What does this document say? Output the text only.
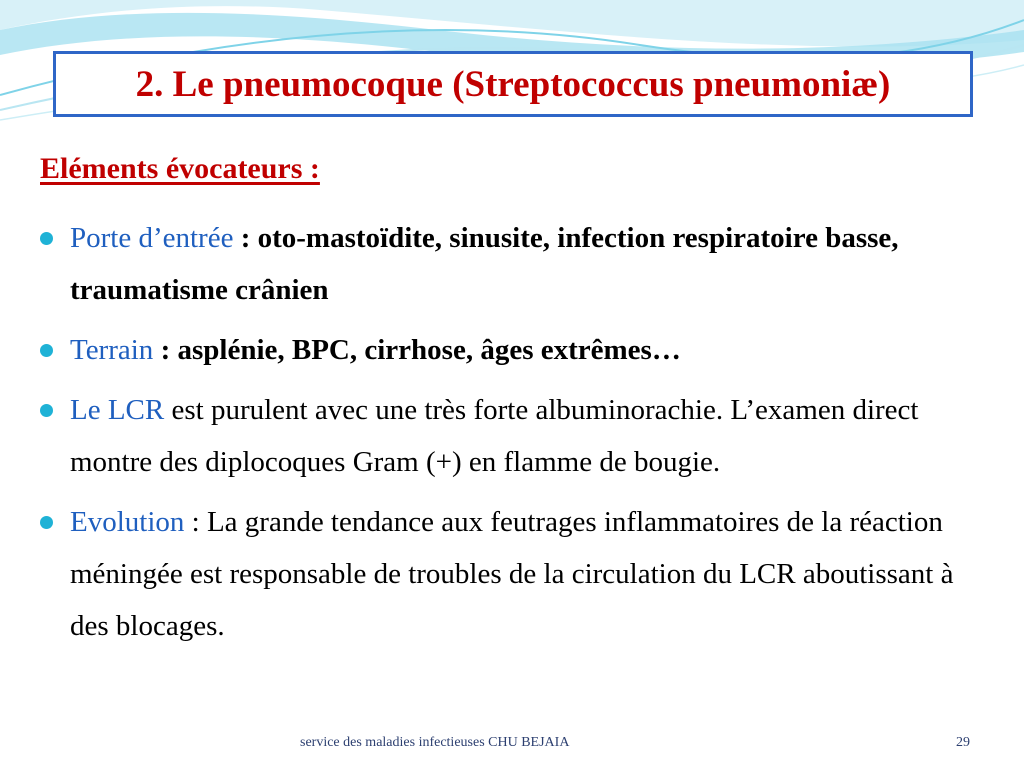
2. Le pneumocoque (Streptococcus pneumoniæ)
Eléments évocateurs :
Porte d’entrée : oto-mastoïdite, sinusite, infection respiratoire basse, traumatisme crânien
Terrain : asplénie, BPC, cirrhose, âges extrêmes…
Le LCR est purulent avec une très forte albuminorachie. L’examen direct montre des diplocoques Gram (+) en flamme de bougie.
Evolution : La grande tendance aux feutrages inflammatoires de la réaction méningée est responsable de troubles de la circulation du LCR aboutissant à des blocages.
service des maladies infectieuses CHU BEJAIA	29
